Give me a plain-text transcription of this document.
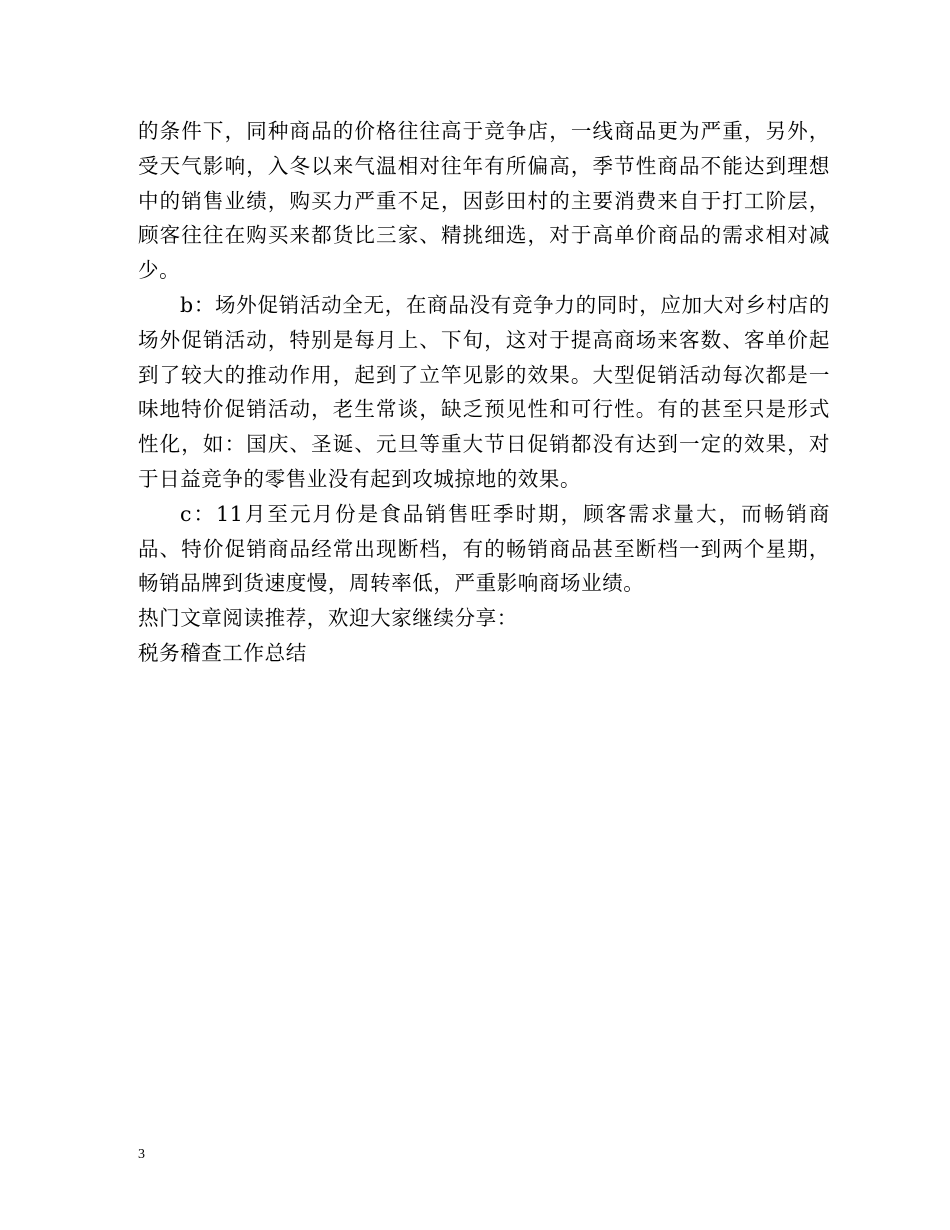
的条件下，同种商品的价格往往高于竞争店，一线商品更为严重，另外，受天气影响，入冬以来气温相对往年有所偏高，季节性商品不能达到理想中的销售业绩，购买力严重不足，因彭田村的主要消费来自于打工阶层，顾客往往在购买来都货比三家、精挑细选，对于高单价商品的需求相对减少。

b：场外促销活动全无，在商品没有竞争力的同时，应加大对乡村店的场外促销活动，特别是每月上、下旬，这对于提高商场来客数、客单价起到了较大的推动作用，起到了立竿见影的效果。大型促销活动每次都是一味地特价促销活动，老生常谈，缺乏预见性和可行性。有的甚至只是形式性化，如：国庆、圣诞、元旦等重大节日促销都没有达到一定的效果，对于日益竞争的零售业没有起到攻城掠地的效果。

c：11月至元月份是食品销售旺季时期，顾客需求量大，而畅销商品、特价促销商品经常出现断档，有的畅销商品甚至断档一到两个星期，畅销品牌到货速度慢，周转率低，严重影响商场业绩。

热门文章阅读推荐，欢迎大家继续分享：

税务稽查工作总结

3
